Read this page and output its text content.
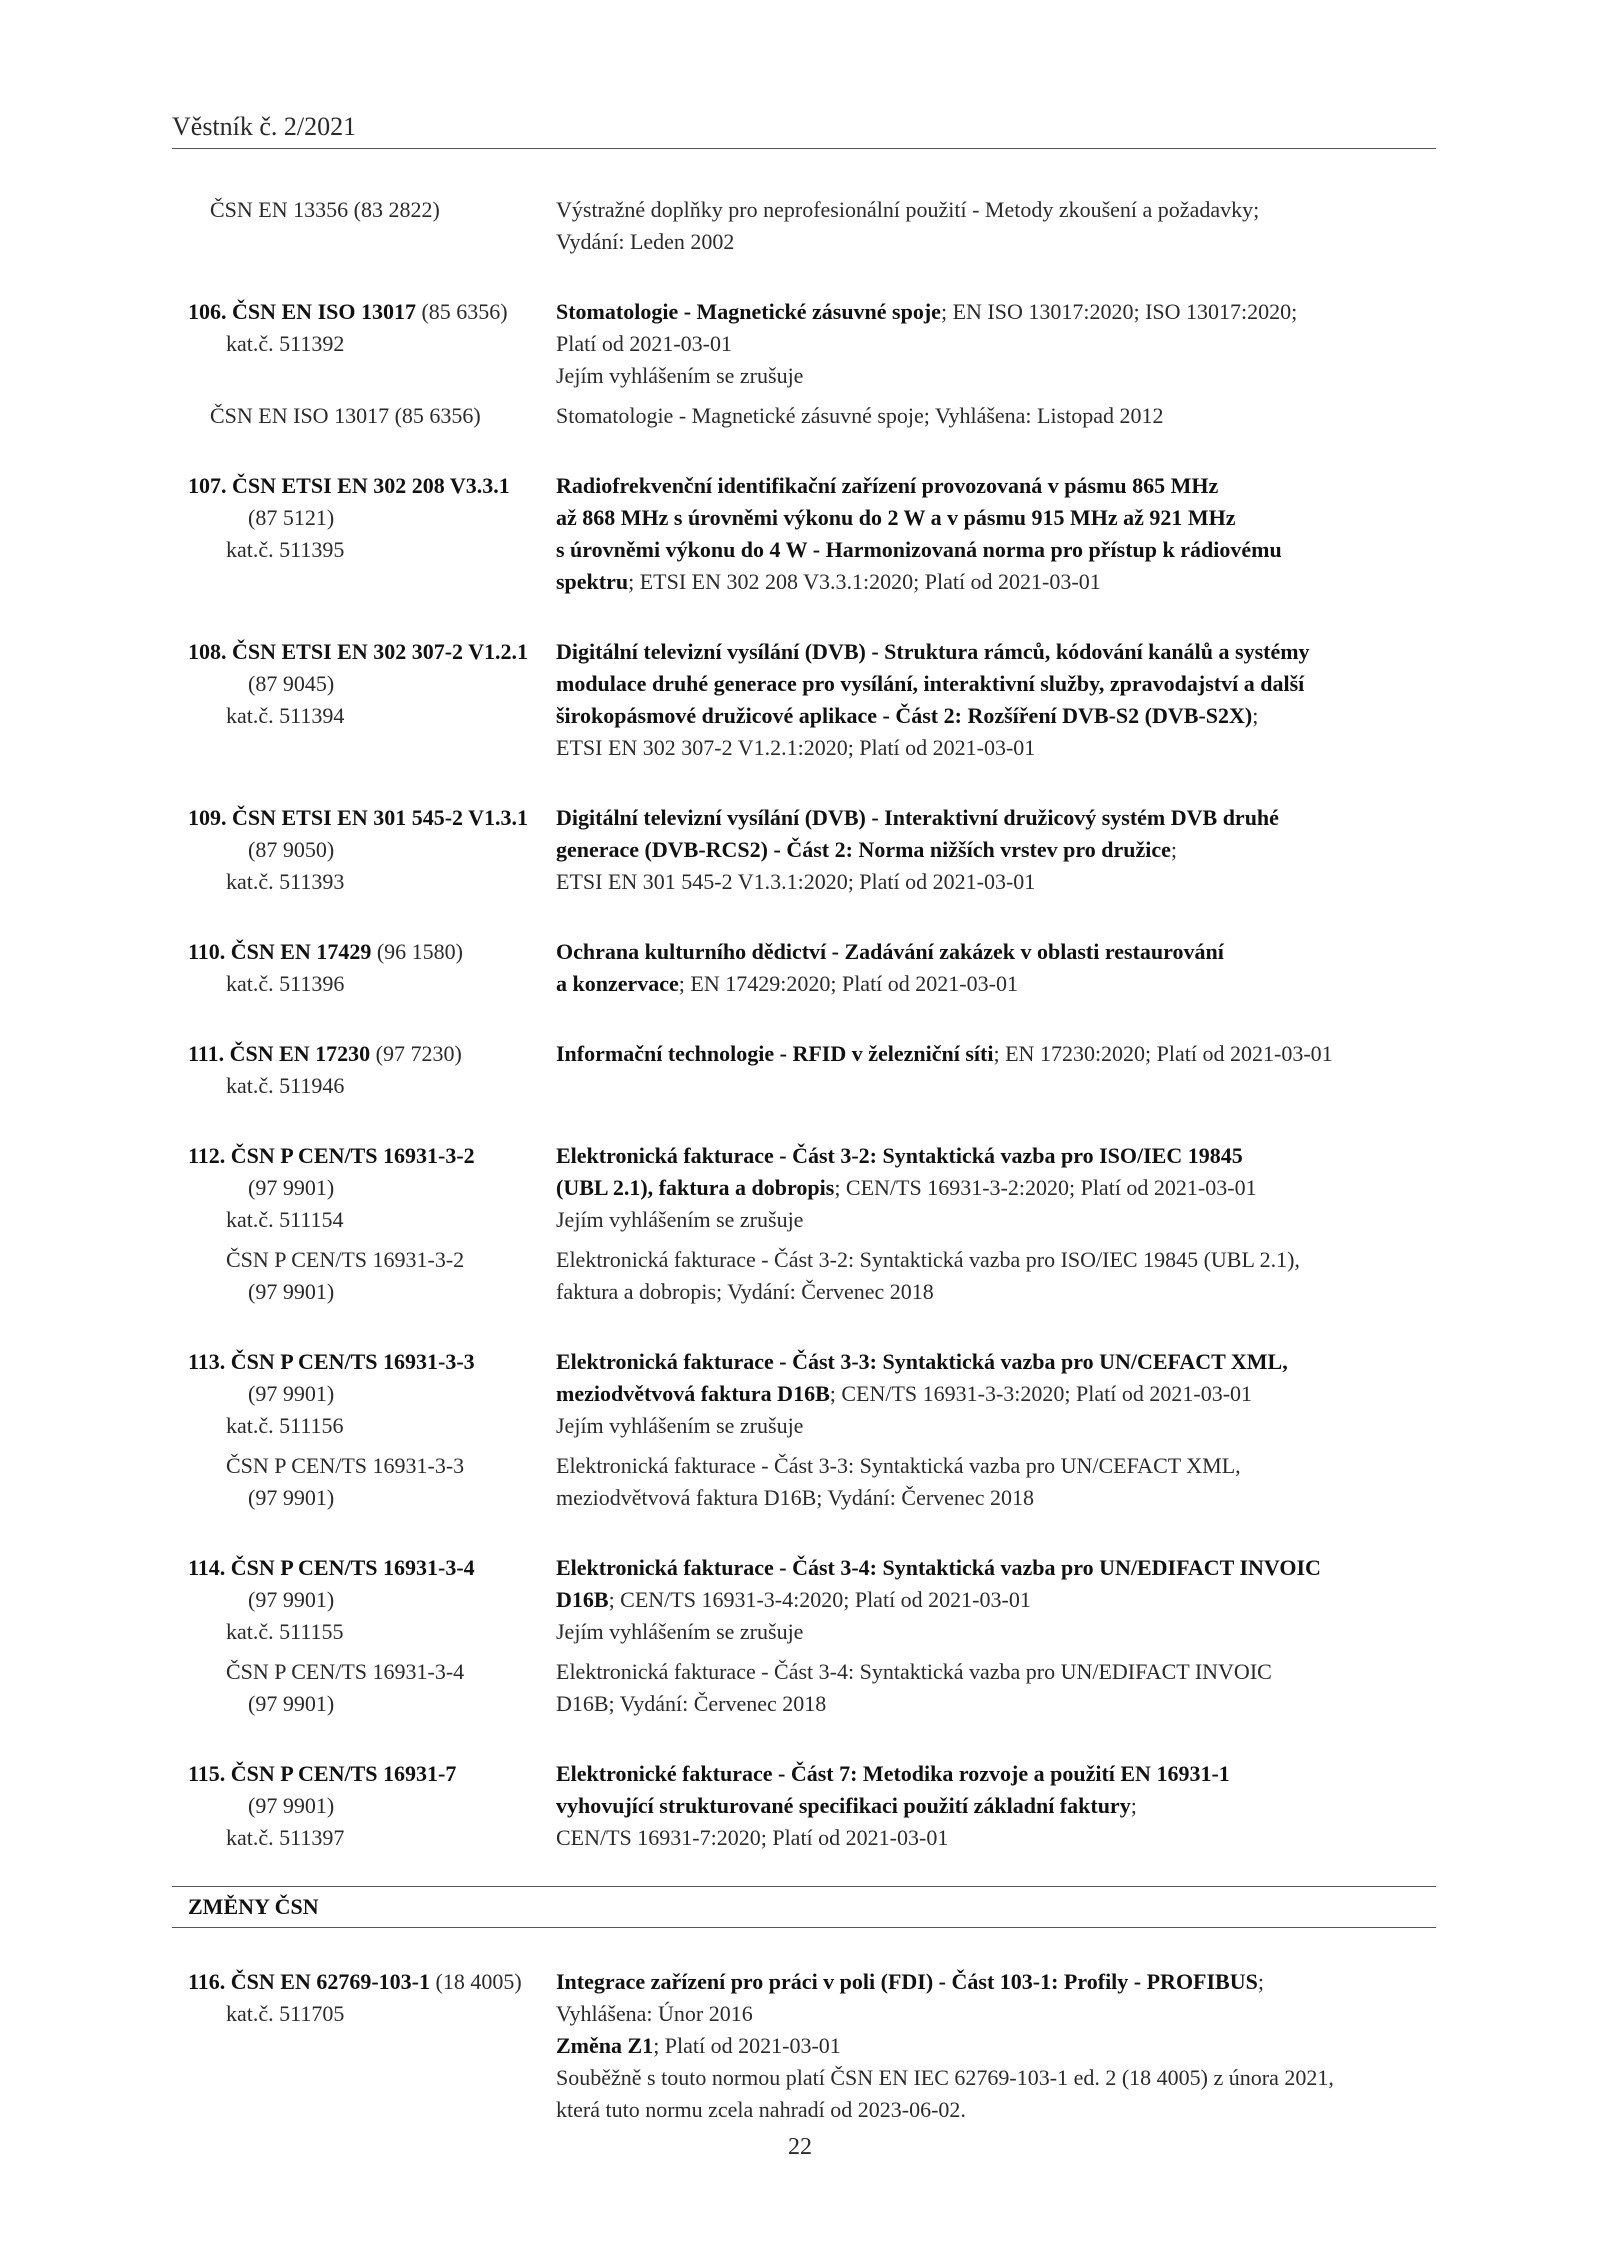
Věstník č. 2/2021
ČSN EN 13356 (83 2822)	Výstražné doplňky pro neprofesionální použití - Metody zkoušení a požadavky;
Vydání: Leden 2002
106. ČSN EN ISO 13017 (85 6356)
kat.č. 511392
Stomatologie - Magnetické zásuvné spoje; EN ISO 13017:2020; ISO 13017:2020;
Platí od 2021-03-01
Jejím vyhlášením se zrušuje
ČSN EN ISO 13017 (85 6356)	Stomatologie - Magnetické zásuvné spoje; Vyhlášena: Listopad 2012
107. ČSN ETSI EN 302 208 V3.3.1
(87 5121)
kat.č. 511395
Radiofrekvenční identifikační zařízení provozovaná v pásmu 865 MHz
až 868 MHz s úrovněmi výkonu do 2 W a v pásmu 915 MHz až 921 MHz
s úrovněmi výkonu do 4 W - Harmonizovaná norma pro přístup k rádiovému
spektru; ETSI EN 302 208 V3.3.1:2020; Platí od 2021-03-01
108. ČSN ETSI EN 302 307-2 V1.2.1
(87 9045)
kat.č. 511394
Digitální televizní vysílání (DVB) - Struktura rámců, kódování kanálů a systémy
modulace druhé generace pro vysílání, interaktivní služby, zpravodajství a další
širokopásmové družicové aplikace - Část 2: Rozšíření DVB-S2 (DVB-S2X);
ETSI EN 302 307-2 V1.2.1:2020; Platí od 2021-03-01
109. ČSN ETSI EN 301 545-2 V1.3.1
(87 9050)
kat.č. 511393
Digitální televizní vysílání (DVB) - Interaktivní družicový systém DVB druhé
generace (DVB-RCS2) - Část 2: Norma nižších vrstev pro družice;
ETSI EN 301 545-2 V1.3.1:2020; Platí od 2021-03-01
110. ČSN EN 17429 (96 1580)
kat.č. 511396
Ochrana kulturního dědictví - Zadávání zakázek v oblasti restaurování
a konzervace; EN 17429:2020; Platí od 2021-03-01
111. ČSN EN 17230 (97 7230)
kat.č. 511946
Informační technologie - RFID v železniční síti; EN 17230:2020; Platí od 2021-03-01
112. ČSN P CEN/TS 16931-3-2
(97 9901)
kat.č. 511154
Elektronická fakturace - Část 3-2: Syntaktická vazba pro ISO/IEC 19845
(UBL 2.1), faktura a dobropis; CEN/TS 16931-3-2:2020; Platí od 2021-03-01
Jejím vyhlášením se zrušuje
ČSN P CEN/TS 16931-3-2
(97 9901)
Elektronická fakturace - Část 3-2: Syntaktická vazba pro ISO/IEC 19845 (UBL 2.1),
faktura a dobropis; Vydání: Červenec 2018
113. ČSN P CEN/TS 16931-3-3
(97 9901)
kat.č. 511156
Elektronická fakturace - Část 3-3: Syntaktická vazba pro UN/CEFACT XML,
meziodvětvová faktura D16B; CEN/TS 16931-3-3:2020; Platí od 2021-03-01
Jejím vyhlášením se zrušuje
ČSN P CEN/TS 16931-3-3
(97 9901)
Elektronická fakturace - Část 3-3: Syntaktická vazba pro UN/CEFACT XML,
meziodvětvová faktura D16B; Vydání: Červenec 2018
114. ČSN P CEN/TS 16931-3-4
(97 9901)
kat.č. 511155
Elektronická fakturace - Část 3-4: Syntaktická vazba pro UN/EDIFACT INVOIC
D16B; CEN/TS 16931-3-4:2020; Platí od 2021-03-01
Jejím vyhlášením se zrušuje
ČSN P CEN/TS 16931-3-4
(97 9901)
Elektronická fakturace - Část 3-4: Syntaktická vazba pro UN/EDIFACT INVOIC
D16B; Vydání: Červenec 2018
115. ČSN P CEN/TS 16931-7
(97 9901)
kat.č. 511397
Elektronické fakturace - Část 7: Metodika rozvoje a použití EN 16931-1
vyhovující strukturované specifikaci použití základní faktury;
CEN/TS 16931-7:2020; Platí od 2021-03-01
ZMĚNY ČSN
116. ČSN EN 62769-103-1 (18 4005)
kat.č. 511705
Integrace zařízení pro práci v poli (FDI) - Část 103-1: Profily - PROFIBUS;
Vyhlášena: Únor 2016
Změna Z1; Platí od 2021-03-01
Souběžně s touto normou platí ČSN EN IEC 62769-103-1 ed. 2 (18 4005) z února 2021,
která tuto normu zcela nahradí od 2023-06-02.
22
